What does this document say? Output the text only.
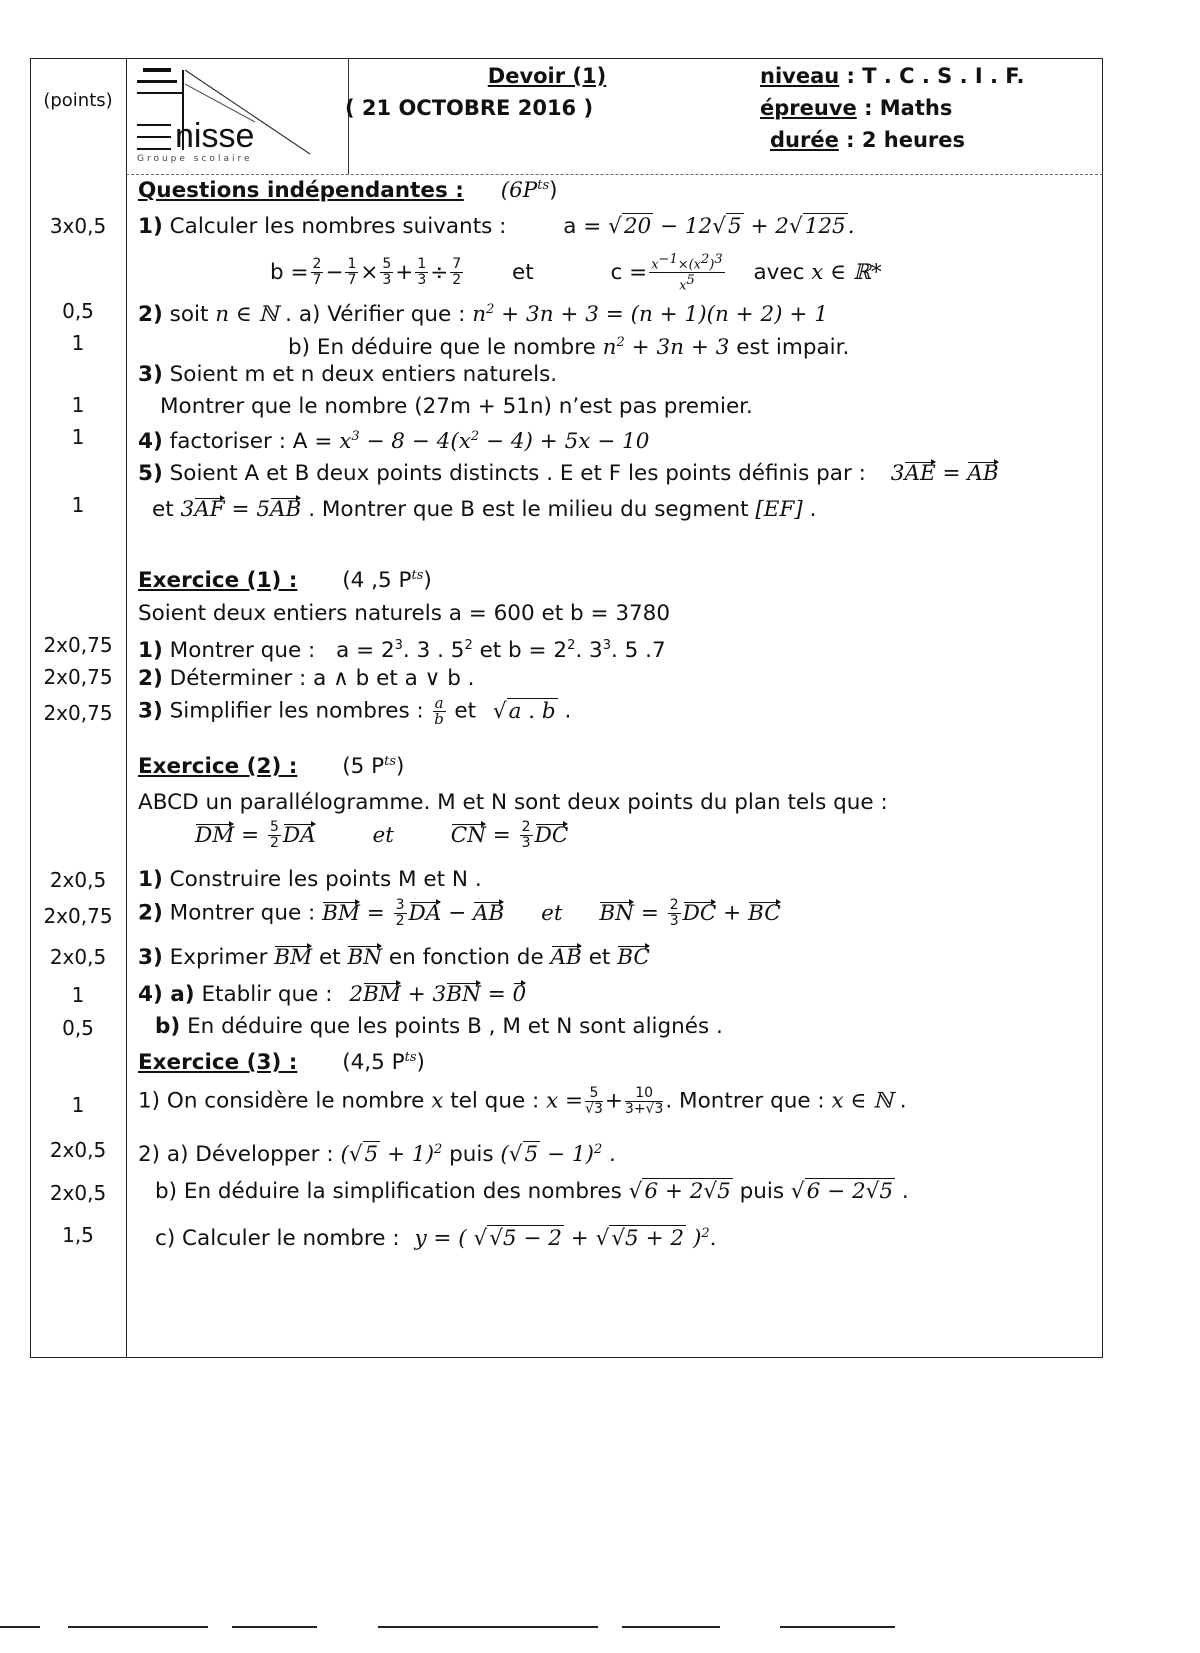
(points)
nisse
Groupe scolaire
Devoir (1)
( 21 OCTOBRE 2016 )
niveau : T . C . S . I . F.
épreuve : Maths
durée : 2 heures
Questions indépendantes : $(6P^{ts})$
3x0,5	1) Calculer les nombres suivants :	a = √20 − 12√5 + 2√125.
$b = \frac{2}{7} - \frac{1}{7} \times \frac{5}{3} + \frac{1}{3} \div \frac{7}{2}$ et	$c = \frac{x^{-1}\times(x^2)^3}{x^5}$ avec x ∈ ℝ*
0,5	2) soit n ∈ ℕ . a) Vérifier que : $n^2 + 3n + 3 = (n + 1)(n + 2) + 1$
1	b) En déduire que le nombre $n^2 + 3n + 3$ est impair.
3) Soient m et n deux entiers naturels.
1	Montrer que le nombre (27m + 51n) n’est pas premier.
1	4) factoriser : $A = x^3 - 8 - 4(x^2 - 4) + 5x - 10$
5) Soient A et B deux points distincts . E et F les points définis par : 3AE = AB
1	et 3AF = 5AB . Montrer que B est le milieu du segment [EF] .
Exercice (1) : (4 ,5 $P^{ts}$)
Soient deux entiers naturels a = 600 et b = 3780
2x0,75	1) Montrer que : $a = 2^3$. 3 . $5^2$ et $b = 2^2$. $3^3$. 5 .7
2x0,75	2) Déterminer : a ∧ b et a ∨ b .
2x0,75	3) Simplifier les nombres : $\frac{a}{b}$ et √a . b .
Exercice (2) : (5 $P^{ts}$)
ABCD un parallélogramme. M et N sont deux points du plan tels que :
DM = $\frac{5}{2}$ DA	et	CN = $\frac{2}{3}$ DC
2x0,5	1) Construire les points M et N .
2x0,75	2) Montrer que : BM = $\frac{3}{2}$ DA − AB et BN = $\frac{2}{3}$ DC + BC
2x0,5	3) Exprimer BM et BN en fonction de AB et BC
1	4) a) Etablir que : 2BM + 3BN = 0
0,5	b) En déduire que les points B , M et N sont alignés .
Exercice (3) : (4,5 $P^{ts}$)
1	1) On considère le nombre x tel que : $x = \frac{5}{√3} + \frac{10}{3+√3}$ . Montrer que : x ∈ ℕ .
2x0,5	2) a) Développer : $(√5 + 1)^2$ puis $(√5 - 1)^2$ .
2x0,5	b) En déduire la simplification des nombres √6 + 2√5 puis √6 − 2√5 .
1,5	c) Calculer le nombre : y = ( √√5 − 2 + √√5 + 2 )$^2$.
